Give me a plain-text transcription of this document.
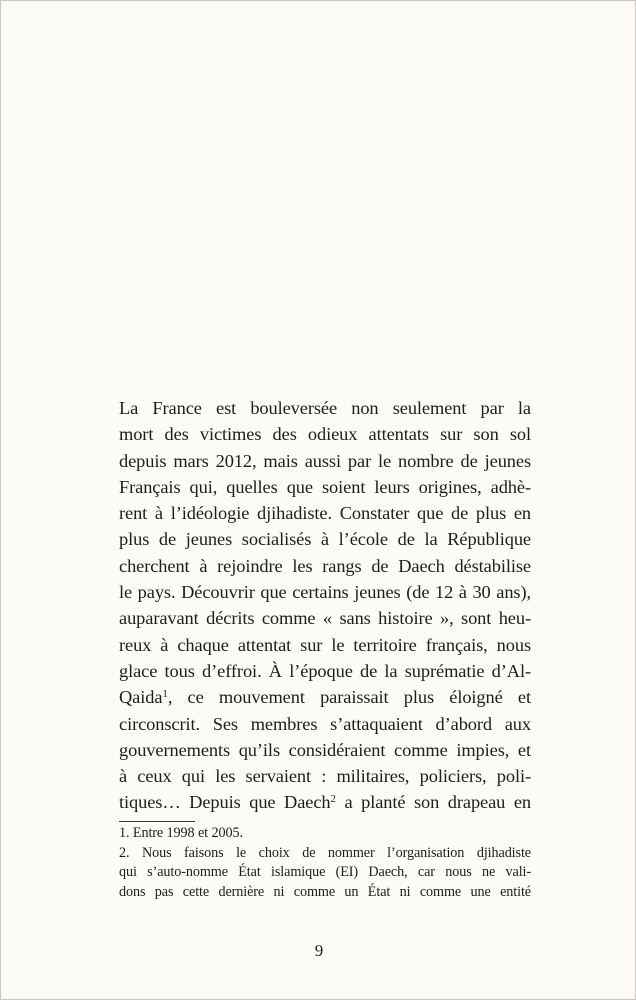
La France est bouleversée non seulement par la
mort des victimes des odieux attentats sur son sol
depuis mars 2012, mais aussi par le nombre de jeunes
Français qui, quelles que soient leurs origines, adhè-
rent à l’idéologie djihadiste. Constater que de plus en
plus de jeunes socialisés à l’école de la République
cherchent à rejoindre les rangs de Daech déstabilise
le pays. Découvrir que certains jeunes (de 12 à 30 ans),
auparavant décrits comme « sans histoire », sont heu-
reux à chaque attentat sur le territoire français, nous
glace tous d’effroi. À l’époque de la suprématie d’Al-
Qaida$^1$, ce mouvement paraissait plus éloigné et
circonscrit. Ses membres s’attaquaient d’abord aux
gouvernements qu’ils considéraient comme impies, et
à ceux qui les servaient : militaires, policiers, poli-
tiques… Depuis que Daech$^2$ a planté son drapeau en
1. Entre 1998 et 2005.
2. Nous faisons le choix de nommer l’organisation djihadiste
qui s’auto-nomme État islamique (EI) Daech, car nous ne vali-
dons pas cette dernière ni comme un État ni comme une entité
9
